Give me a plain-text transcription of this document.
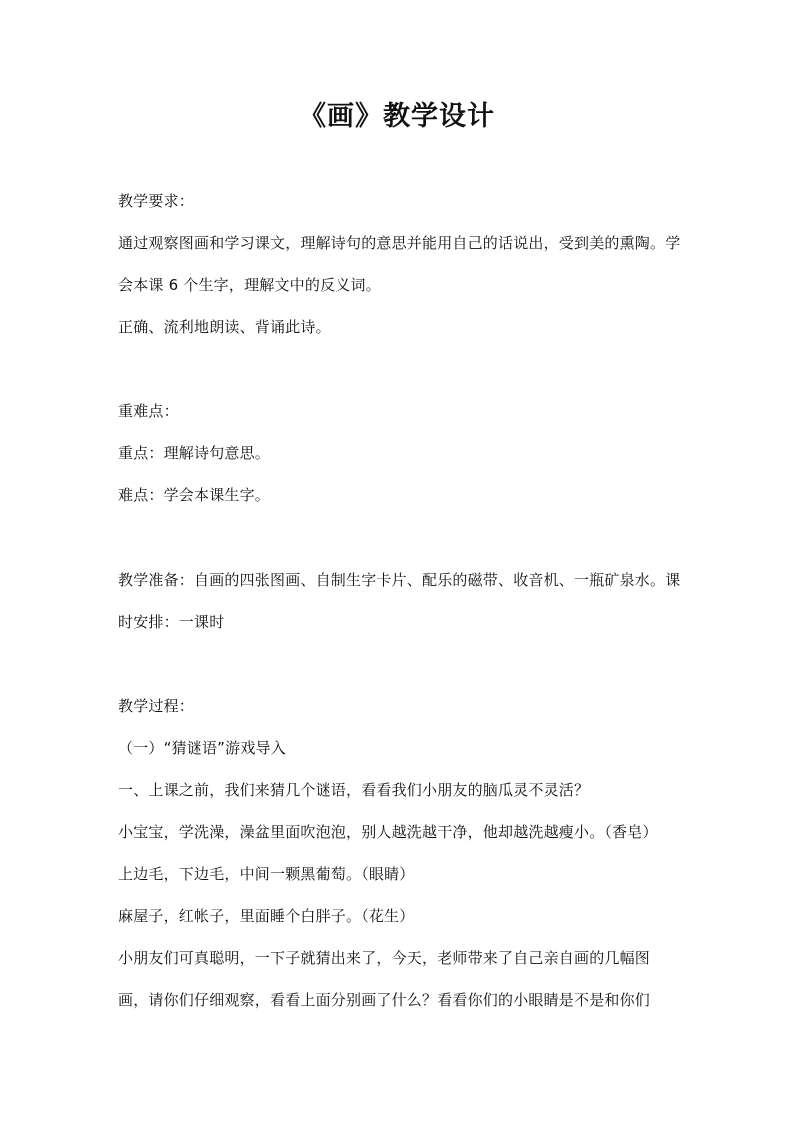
《画》教学设计
教学要求：
通过观察图画和学习课文，理解诗句的意思并能用自己的话说出，受到美的熏陶。学
会本课 6 个生字，理解文中的反义词。
正确、流利地朗读、背诵此诗。
重难点：
重点：理解诗句意思。
难点：学会本课生字。
教学准备：自画的四张图画、自制生字卡片、配乐的磁带、收音机、一瓶矿泉水。课
时安排：一课时
教学过程：
（一）“猜谜语”游戏导入
一、上课之前，我们来猜几个谜语，看看我们小朋友的脑瓜灵不灵活？
小宝宝，学洗澡，澡盆里面吹泡泡，别人越洗越干净，他却越洗越瘦小。（香皂）
上边毛，下边毛，中间一颗黑葡萄。（眼睛）
麻屋子，红帐子，里面睡个白胖子。（花生）
小朋友们可真聪明，一下子就猜出来了，今天，老师带来了自己亲自画的几幅图
画，请你们仔细观察，看看上面分别画了什么？看看你们的小眼睛是不是和你们
